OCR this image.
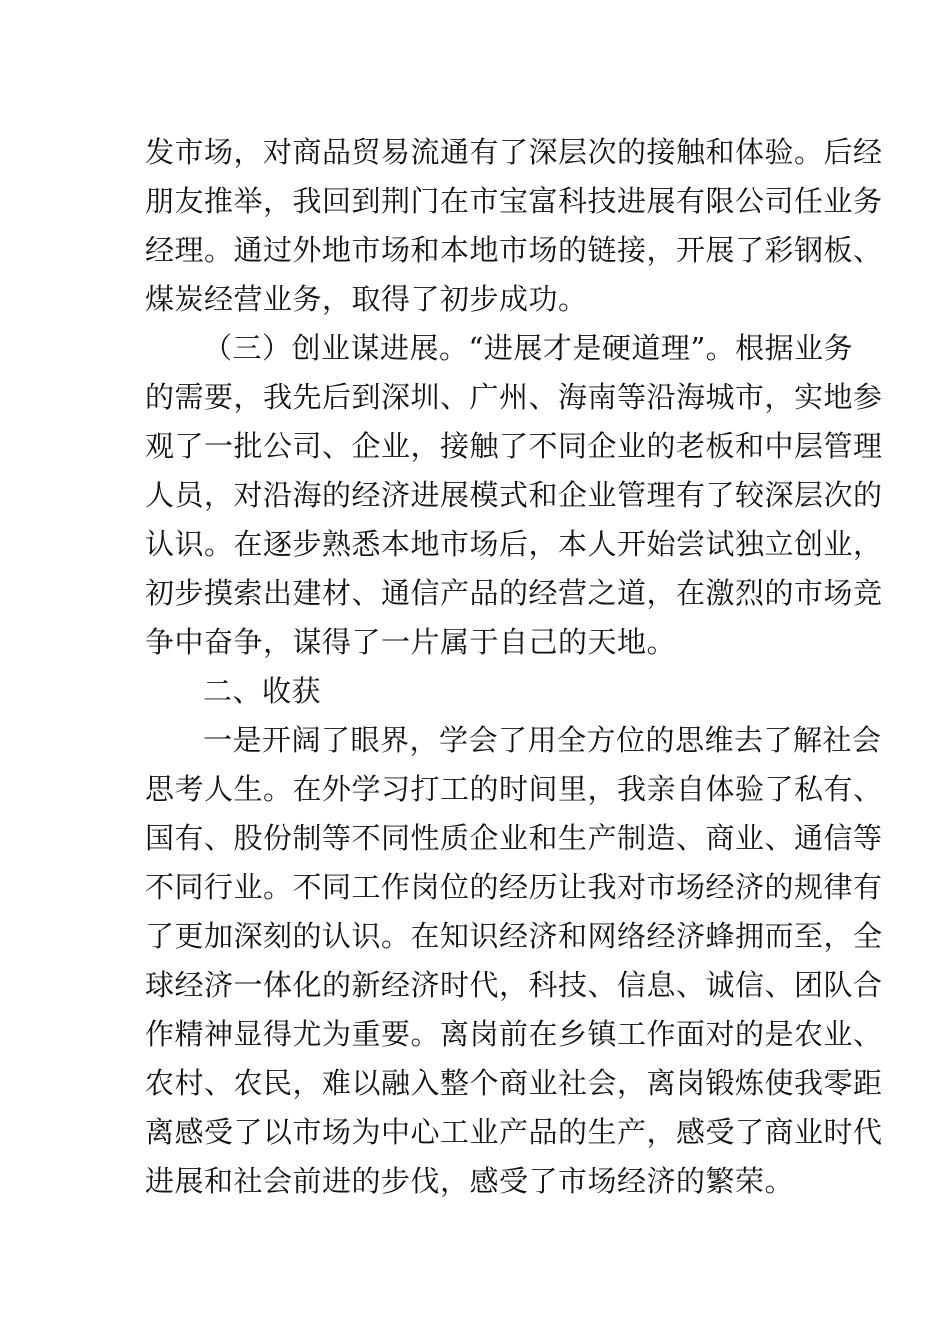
发市场，对商品贸易流通有了深层次的接触和体验。后经
朋友推举，我回到荆门在市宝富科技进展有限公司任业务
经理。通过外地市场和本地市场的链接，开展了彩钢板、
煤炭经营业务，取得了初步成功。
（三）创业谋进展。“进展才是硬道理”。根据业务
的需要，我先后到深圳、广州、海南等沿海城市，实地参
观了一批公司、企业，接触了不同企业的老板和中层管理
人员，对沿海的经济进展模式和企业管理有了较深层次的
认识。在逐步熟悉本地市场后，本人开始尝试独立创业，
初步摸索出建材、通信产品的经营之道，在激烈的市场竞
争中奋争，谋得了一片属于自己的天地。
二、收获
一是开阔了眼界，学会了用全方位的思维去了解社会
思考人生。在外学习打工的时间里，我亲自体验了私有、
国有、股份制等不同性质企业和生产制造、商业、通信等
不同行业。不同工作岗位的经历让我对市场经济的规律有
了更加深刻的认识。在知识经济和网络经济蜂拥而至，全
球经济一体化的新经济时代，科技、信息、诚信、团队合
作精神显得尤为重要。离岗前在乡镇工作面对的是农业、
农村、农民，难以融入整个商业社会，离岗锻炼使我零距
离感受了以市场为中心工业产品的生产，感受了商业时代
进展和社会前进的步伐，感受了市场经济的繁荣。
